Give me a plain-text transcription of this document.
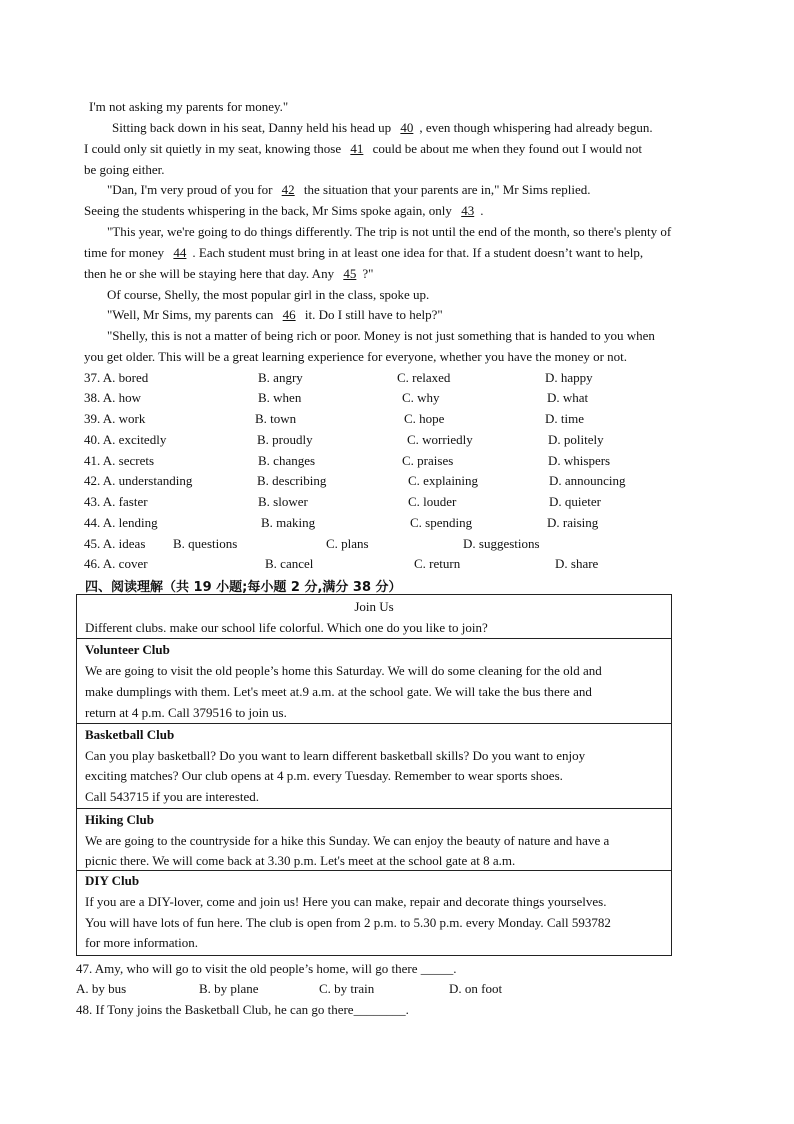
I'm not asking my parents for money."
Sitting back down in his seat, Danny held his head up 40 , even though whispering had already begun.
I could only sit quietly in my seat, knowing those 41 could be about me when they found out I would not
be going either.
"Dan, I'm very proud of you for 42 the situation that your parents are in," Mr Sims replied.
Seeing the students whispering in the back, Mr Sims spoke again, only 43 .
"This year, we're going to do things differently. The trip is not until the end of the month, so there's plenty of
time for money 44 . Each student must bring in at least one idea for that. If a student doesn’t want to help,
then he or she will be staying here that day. Any 45 ?"
Of course, Shelly, the most popular girl in the class, spoke up.
"Well, Mr Sims, my parents can 46 it. Do I still have to help?"
"Shelly, this is not a matter of being rich or poor. Money is not just something that is handed to you when
you get older. This will be a great learning experience for everyone, whether you have the money or not.
37. A. bored	B. angry	C. relaxed	D. happy
38. A. how	B. when	C. why	D. what
39. A. work	B. town	C. hope	D. time
40. A. excitedly	B. proudly	C. worriedly	D. politely
41. A. secrets	B. changes	C. praises	D. whispers
42. A. understanding	B. describing	C. explaining	D. announcing
43. A. faster	B. slower	C. louder	D. quieter
44. A. lending	B. making	C. spending	D. raising
45. A. ideas B. questions	C. plans	D. suggestions
46. A. cover	B. cancel	C. return	D. share
四、阅读理解（共 19 小题;每小题 2 分,满分 38 分）
Join Us
Different clubs. make our school life colorful. Which one do you like to join?
Volunteer Club
We are going to visit the old people’s home this Saturday. We will do some cleaning for the old and
make dumplings with them. Let's meet at.9 a.m. at the school gate. We will take the bus there and
return at 4 p.m. Call 379516 to join us.
Basketball Club
Can you play basketball? Do you want to learn different basketball skills? Do you want to enjoy
exciting matches? Our club opens at 4 p.m. every Tuesday. Remember to wear sports shoes.
Call 543715 if you are interested.
Hiking Club
We are going to the countryside for a hike this Sunday. We can enjoy the beauty of nature and have a
picnic there. We will come back at 3.30 p.m. Let's meet at the school gate at 8 a.m.
DIY Club
If you are a DIY-lover, come and join us! Here you can make, repair and decorate things yourselves.
You will have lots of fun here. The club is open from 2 p.m. to 5.30 p.m. every Monday. Call 593782
for more information.
47. Amy, who will go to visit the old people’s home, will go there _____.
A. by bus	B. by plane	C. by train	D. on foot
48. If Tony joins the Basketball Club, he can go there________.
